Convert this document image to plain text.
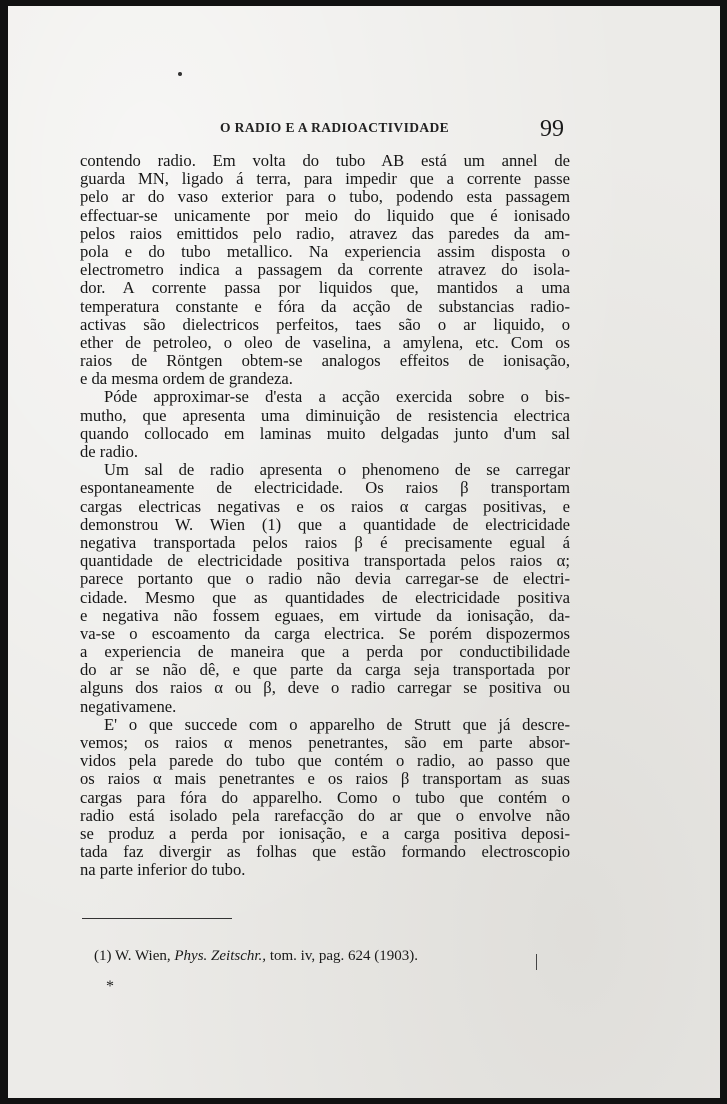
O RADIO E A RADIOACTIVIDADE	99
contendo radio. Em volta do tubo AB está um annel de
guarda MN, ligado á terra, para impedir que a corrente passe
pelo ar do vaso exterior para o tubo, podendo esta passagem
effectuar-se unicamente por meio do liquido que é ionisado
pelos raios emittidos pelo radio, atravez das paredes da am-
pola e do tubo metallico. Na experiencia assim disposta o
electrometro indica a passagem da corrente atravez do isola-
dor. A corrente passa por liquidos que, mantidos a uma
temperatura constante e fóra da acção de substancias radio-
activas são dielectricos perfeitos, taes são o ar liquido, o
ether de petroleo, o oleo de vaselina, a amylena, etc. Com os
raios de Röntgen obtem-se analogos effeitos de ionisação,
e da mesma ordem de grandeza.
Póde approximar-se d'esta a acção exercida sobre o bis-
mutho, que apresenta uma diminuição de resistencia electrica
quando collocado em laminas muito delgadas junto d'um sal
de radio.
Um sal de radio apresenta o phenomeno de se carregar
espontaneamente de electricidade. Os raios β transportam
cargas electricas negativas e os raios α cargas positivas, e
demonstrou W. Wien (1) que a quantidade de electricidade
negativa transportada pelos raios β é precisamente egual á
quantidade de electricidade positiva transportada pelos raios α;
parece portanto que o radio não devia carregar-se de electri-
cidade. Mesmo que as quantidades de electricidade positiva
e negativa não fossem eguaes, em virtude da ionisação, da-
va-se o escoamento da carga electrica. Se porém dispozermos
a experiencia de maneira que a perda por conductibilidade
do ar se não dê, e que parte da carga seja transportada por
alguns dos raios α ou β, deve o radio carregar se positiva ou
negativamene.
E' o que succede com o apparelho de Strutt que já descre-
vemos; os raios α menos penetrantes, são em parte absor-
vidos pela parede do tubo que contém o radio, ao passo que
os raios α mais penetrantes e os raios β transportam as suas
cargas para fóra do apparelho. Como o tubo que contém o
radio está isolado pela rarefacção do ar que o envolve não
se produz a perda por ionisação, e a carga positiva deposi-
tada faz divergir as folhas que estão formando electroscopio
na parte inferior do tubo.
(1) W. Wien, Phys. Zeitschr., tom. iv, pag. 624 (1903).
*
